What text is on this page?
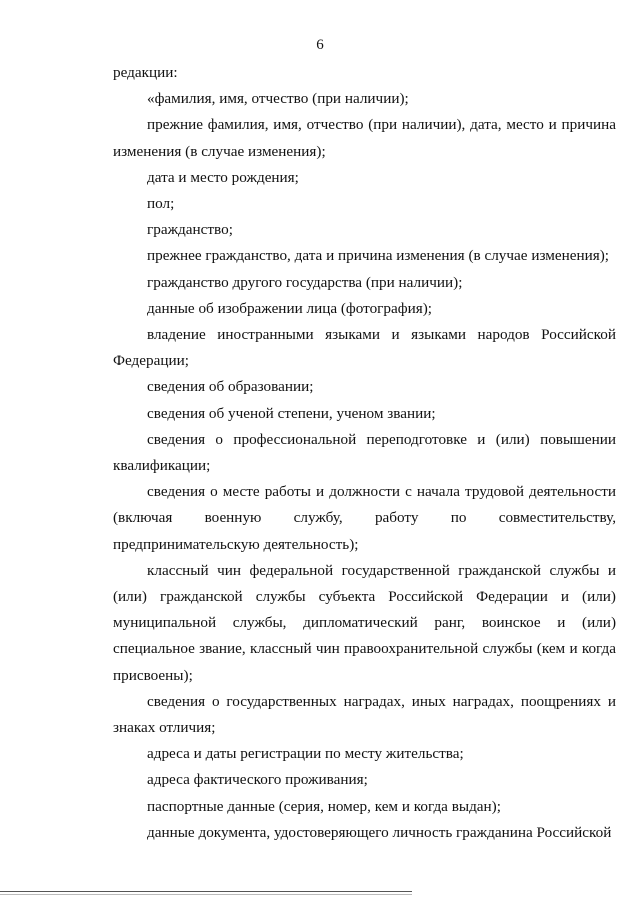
6

редакции:

«фамилия, имя, отчество (при наличии);

прежние фамилия, имя, отчество (при наличии), дата, место и причина изменения (в случае изменения);

дата и место рождения;

пол;

гражданство;

прежнее гражданство, дата и причина изменения (в случае изменения);

гражданство другого государства (при наличии);

данные об изображении лица (фотография);

владение иностранными языками и языками народов Российской Федерации;

сведения об образовании;

сведения об ученой степени, ученом звании;

сведения о профессиональной переподготовке и (или) повышении квалификации;

сведения о месте работы и должности с начала трудовой деятельности (включая военную службу, работу по совместительству, предпринимательскую деятельность);

классный чин федеральной государственной гражданской службы и (или) гражданской службы субъекта Российской Федерации и (или) муниципальной службы, дипломатический ранг, воинское и (или) специальное звание, классный чин правоохранительной службы (кем и когда присвоены);

сведения о государственных наградах, иных наградах, поощрениях и знаках отличия;

адреса и даты регистрации по месту жительства;

адреса фактического проживания;

паспортные данные (серия, номер, кем и когда выдан);

данные документа, удостоверяющего личность гражданина Российской
